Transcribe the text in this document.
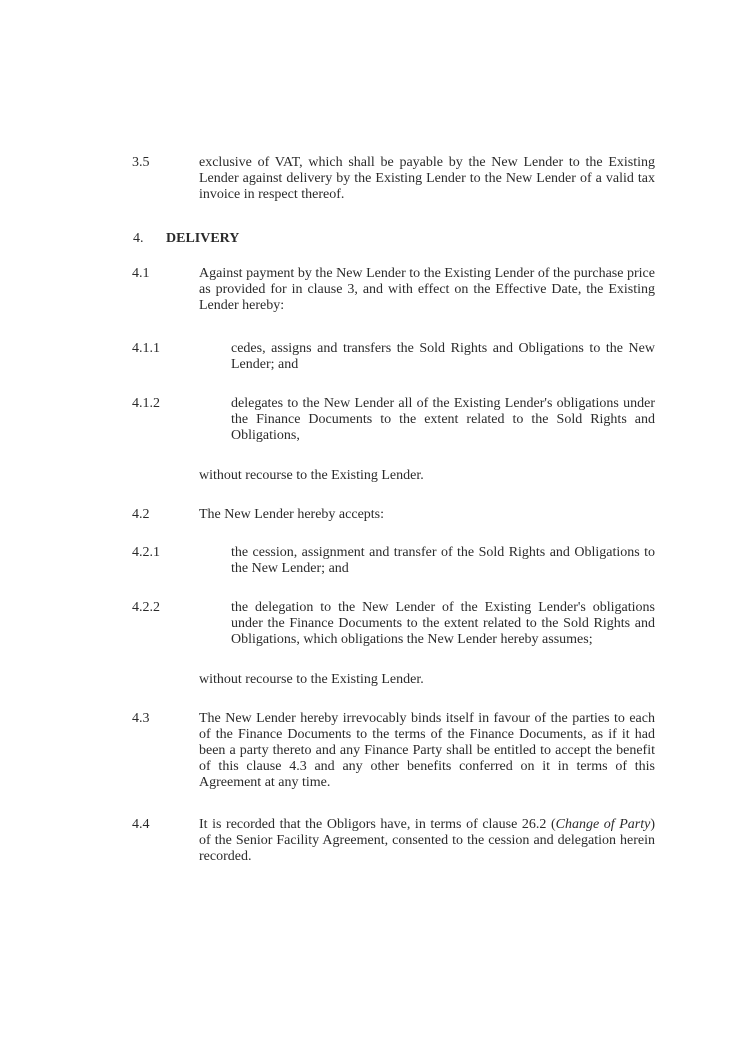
3.5	exclusive of VAT, which shall be payable by the New Lender to the Existing Lender against delivery by the Existing Lender to the New Lender of a valid tax invoice in respect thereof.
4. DELIVERY
4.1	Against payment by the New Lender to the Existing Lender of the purchase price as provided for in clause 3, and with effect on the Effective Date, the Existing Lender hereby:
4.1.1	cedes, assigns and transfers the Sold Rights and Obligations to the New Lender; and
4.1.2	delegates to the New Lender all of the Existing Lender's obligations under the Finance Documents to the extent related to the Sold Rights and Obligations,
without recourse to the Existing Lender.
4.2	The New Lender hereby accepts:
4.2.1	the cession, assignment and transfer of the Sold Rights and Obligations to the New Lender; and
4.2.2	the delegation to the New Lender of the Existing Lender's obligations under the Finance Documents to the extent related to the Sold Rights and Obligations, which obligations the New Lender hereby assumes;
without recourse to the Existing Lender.
4.3	The New Lender hereby irrevocably binds itself in favour of the parties to each of the Finance Documents to the terms of the Finance Documents, as if it had been a party thereto and any Finance Party shall be entitled to accept the benefit of this clause 4.3 and any other benefits conferred on it in terms of this Agreement at any time.
4.4	It is recorded that the Obligors have, in terms of clause 26.2 (Change of Party) of the Senior Facility Agreement, consented to the cession and delegation herein recorded.
